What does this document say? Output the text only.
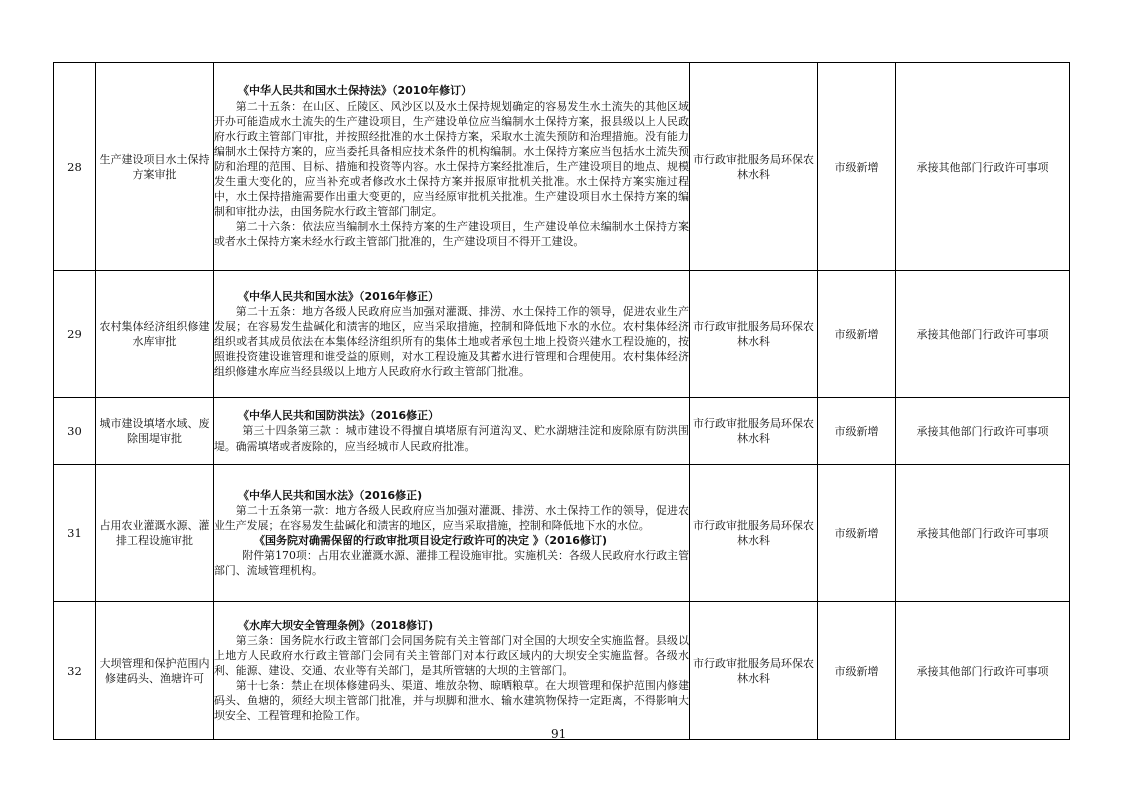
28	生产建设项目水土保持方案审批	《中华人民共和国水土保持法》（2010年修订）
第二十五条：在山区、丘陵区、风沙区以及水土保持规划确定的容易发生水土流失的其他区域开办可能造成水土流失的生产建设项目，生产建设单位应当编制水土保持方案，报县级以上人民政府水行政主管部门审批，并按照经批准的水土保持方案，采取水土流失预防和治理措施。没有能力编制水土保持方案的，应当委托具备相应技术条件的机构编制。水土保持方案应当包括水土流失预防和治理的范围、目标、措施和投资等内容。水土保持方案经批准后，生产建设项目的地点、规模发生重大变化的，应当补充或者修改水土保持方案并报原审批机关批准。水土保持方案实施过程中，水土保持措施需要作出重大变更的，应当经原审批机关批准。生产建设项目水土保持方案的编制和审批办法，由国务院水行政主管部门制定。
第二十六条：依法应当编制水土保持方案的生产建设项目，生产建设单位未编制水土保持方案或者水土保持方案未经水行政主管部门批准的，生产建设项目不得开工建设。	市行政审批服务局环保农林水科	市级新增	承接其他部门行政许可事项
29	农村集体经济组织修建水库审批	《中华人民共和国水法》（2016年修正）
第二十五条：地方各级人民政府应当加强对灌溉、排涝、水土保持工作的领导，促进农业生产发展；在容易发生盐碱化和渍害的地区，应当采取措施，控制和降低地下水的水位。农村集体经济组织或者其成员依法在本集体经济组织所有的集体土地或者承包土地上投资兴建水工程设施的，按照谁投资建设谁管理和谁受益的原则，对水工程设施及其蓄水进行管理和合理使用。农村集体经济组织修建水库应当经县级以上地方人民政府水行政主管部门批准。	市行政审批服务局环保农林水科	市级新增	承接其他部门行政许可事项
30	城市建设填堵水域、废除围堤审批	《中华人民共和国防洪法》（2016修正）
第三十四条第三款 ：城市建设不得擅自填堵原有河道沟叉、贮水湖塘洼淀和废除原有防洪围堤。确需填堵或者废除的，应当经城市人民政府批准。	市行政审批服务局环保农林水科	市级新增	承接其他部门行政许可事项
31	占用农业灌溉水源、灌排工程设施审批	《中华人民共和国水法》（2016修正)
第二十五条第一款：地方各级人民政府应当加强对灌溉、排涝、水土保持工作的领导，促进农业生产发展；在容易发生盐碱化和渍害的地区，应当采取措施，控制和降低地下水的水位。
《国务院对确需保留的行政审批项目设定行政许可的决定 》（2016修订)
附件第170项：占用农业灌溉水源、灌排工程设施审批。实施机关：各级人民政府水行政主管部门、流域管理机构。	市行政审批服务局环保农林水科	市级新增	承接其他部门行政许可事项
32	大坝管理和保护范围内修建码头、渔塘许可	《水库大坝安全管理条例》（2018修订)
第三条：国务院水行政主管部门会同国务院有关主管部门对全国的大坝安全实施监督。县级以上地方人民政府水行政主管部门会同有关主管部门对本行政区域内的大坝安全实施监督。各级水利、能源、建设、交通、农业等有关部门，是其所管辖的大坝的主管部门。
第十七条：禁止在坝体修建码头、渠道、堆放杂物、晾晒粮草。在大坝管理和保护范围内修建码头、鱼塘的，须经大坝主管部门批准，并与坝脚和泄水、输水建筑物保持一定距离，不得影响大坝安全、工程管理和抢险工作。	市行政审批服务局环保农林水科	市级新增	承接其他部门行政许可事项
91
